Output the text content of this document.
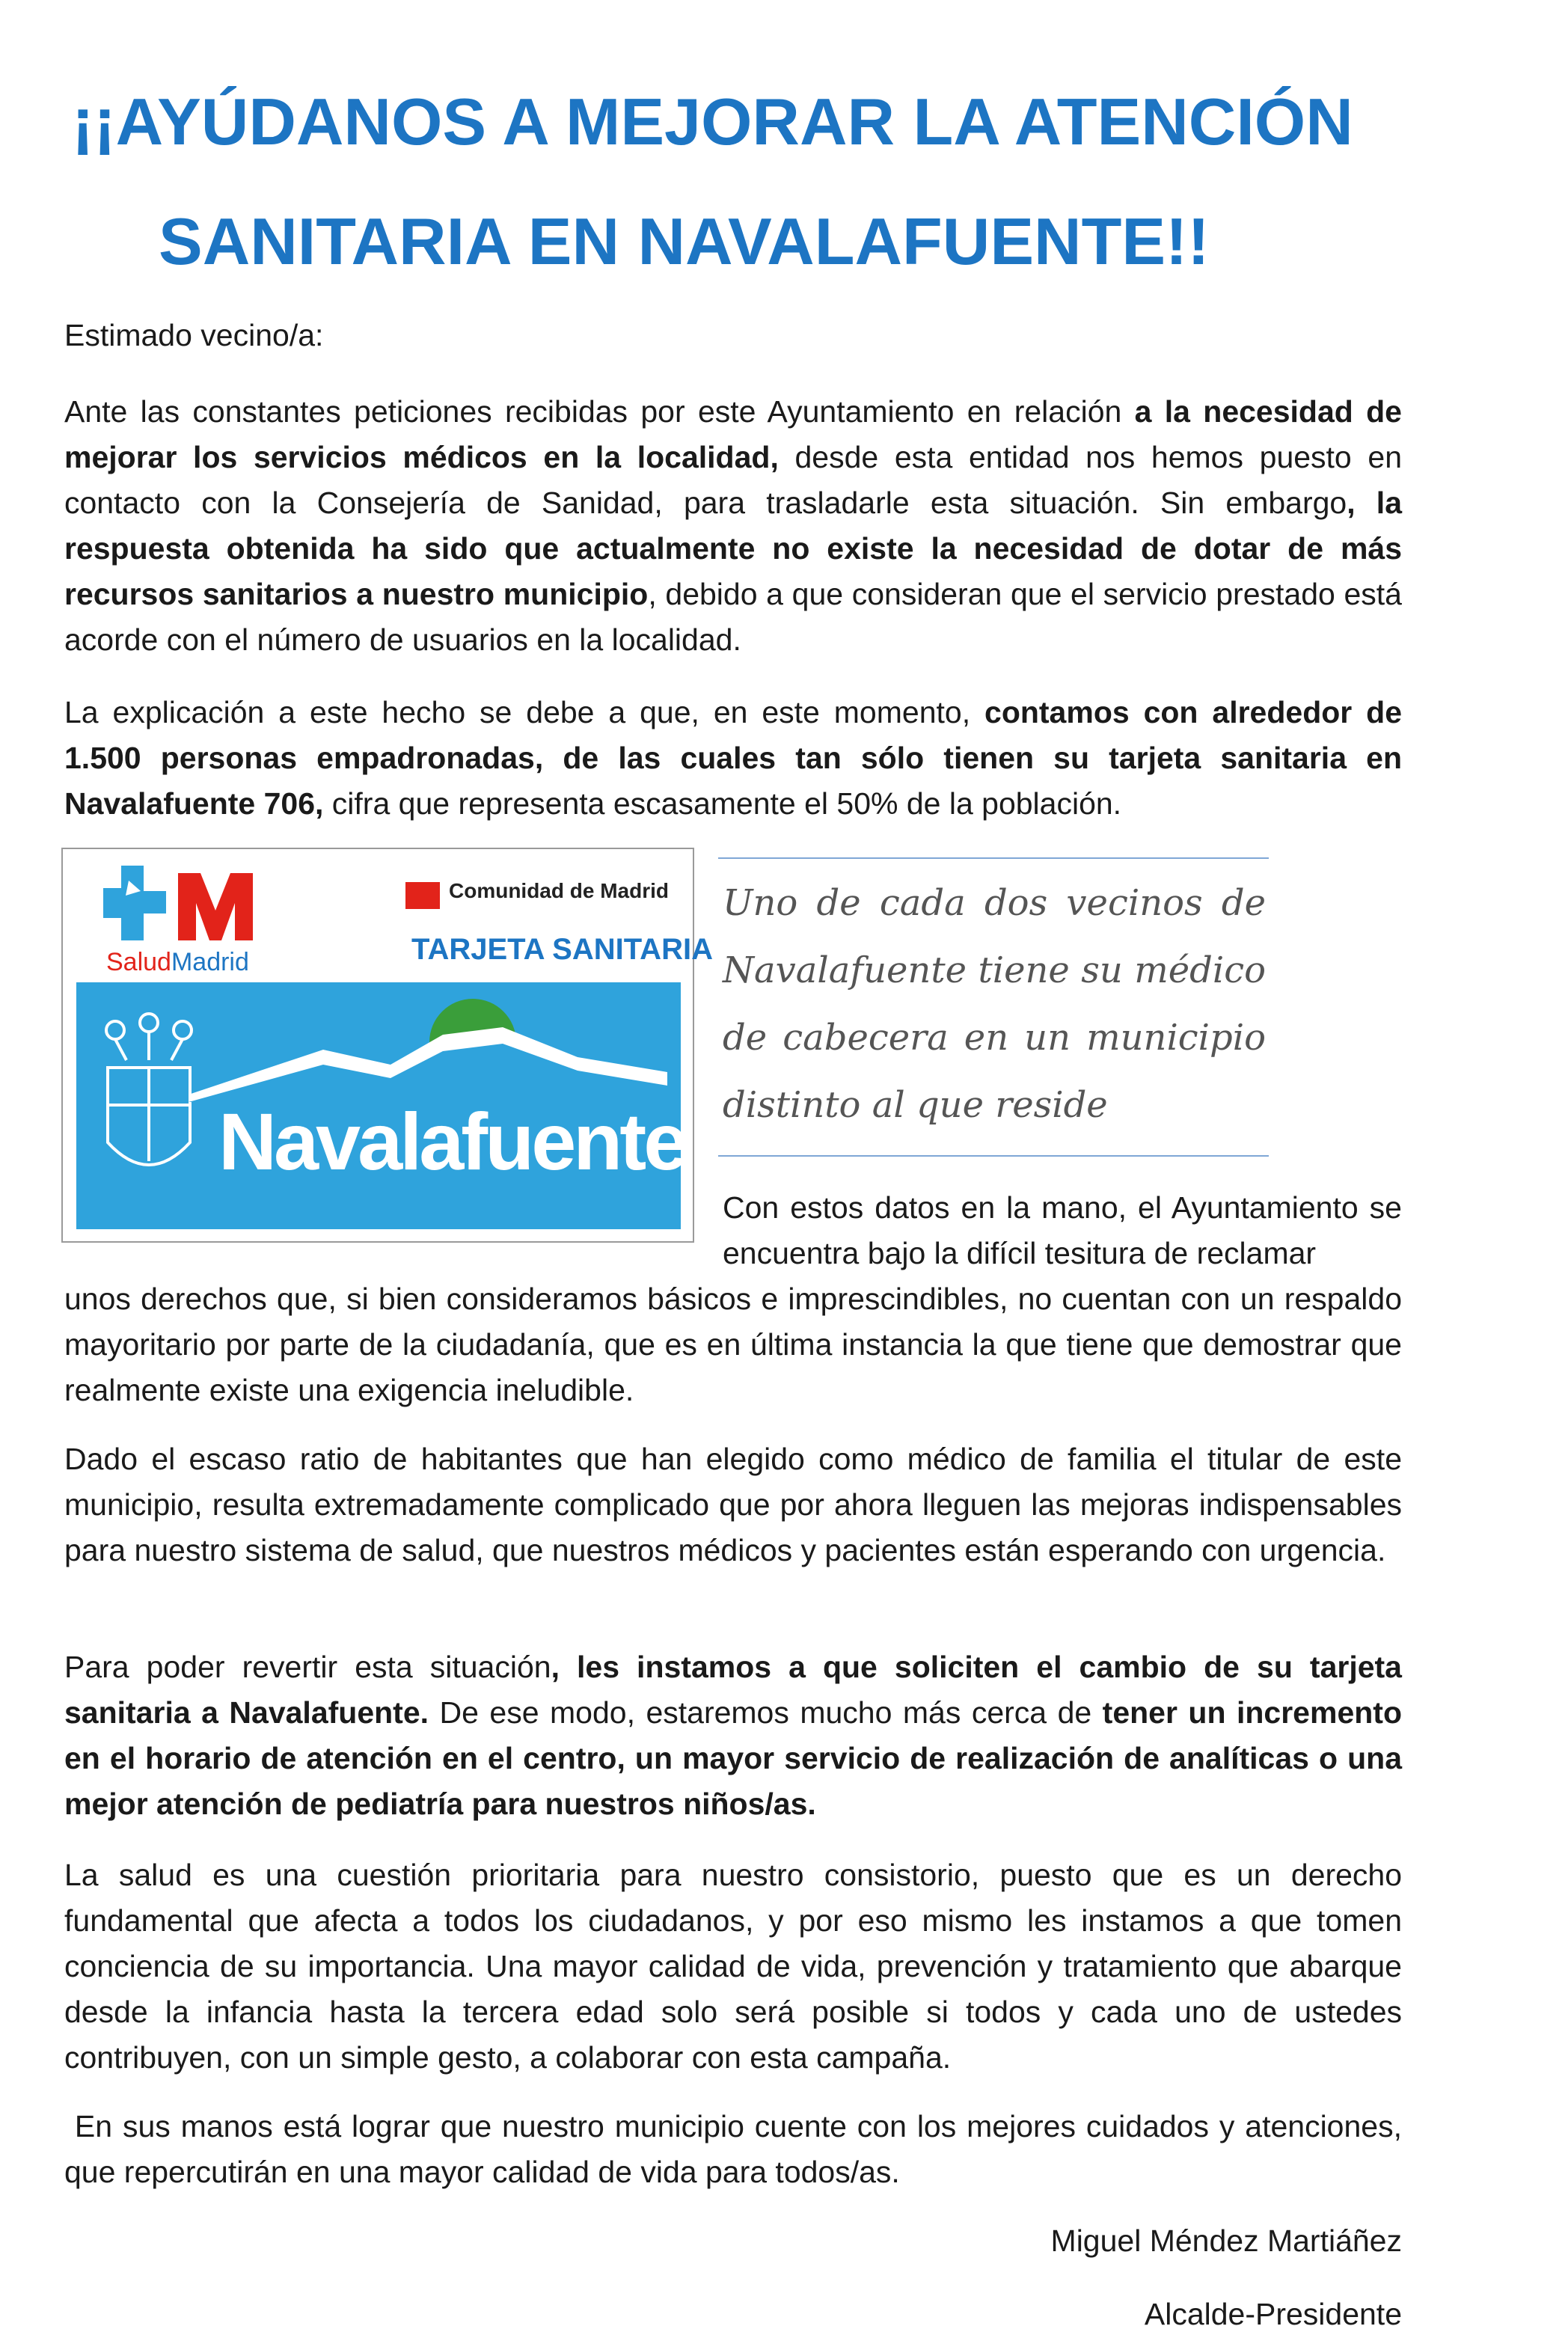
¡¡AYÚDANOS A MEJORAR LA ATENCIÓN
SANITARIA EN NAVALAFUENTE!!

Estimado vecino/a:

Ante las constantes peticiones recibidas por este Ayuntamiento en relación a la necesidad de mejorar los servicios médicos en la localidad, desde esta entidad nos hemos puesto en contacto con la Consejería de Sanidad, para trasladarle esta situación. Sin embargo, la respuesta obtenida ha sido que actualmente no existe la necesidad de dotar de más recursos sanitarios a nuestro municipio, debido a que consideran que el servicio prestado está acorde con el número de usuarios en la localidad.

La explicación a este hecho se debe a que, en este momento, contamos con alrededor de 1.500 personas empadronadas, de las cuales tan sólo tienen su tarjeta sanitaria en Navalafuente 706, cifra que representa escasamente el 50% de la población.

SaludMadrid
Comunidad de Madrid
TARJETA SANITARIA
Navalafuente

Uno de cada dos vecinos de Navalafuente tiene su médico de cabecera en un municipio distinto al que reside

Con estos datos en la mano, el Ayuntamiento se encuentra bajo la difícil tesitura de reclamar

unos derechos que, si bien consideramos básicos e imprescindibles, no cuentan con un respaldo mayoritario por parte de la ciudadanía, que es en última instancia la que tiene que demostrar que realmente existe una exigencia ineludible.

Dado el escaso ratio de habitantes que han elegido como médico de familia el titular de este municipio, resulta extremadamente complicado que por ahora lleguen las mejoras indispensables para nuestro sistema de salud, que nuestros médicos y pacientes están esperando con urgencia.

Para poder revertir esta situación, les instamos a que soliciten el cambio de su tarjeta sanitaria a Navalafuente. De ese modo, estaremos mucho más cerca de tener un incremento en el horario de atención en el centro, un mayor servicio de realización de analíticas o una mejor atención de pediatría para nuestros niños/as.

La salud es una cuestión prioritaria para nuestro consistorio, puesto que es un derecho fundamental que afecta a todos los ciudadanos, y por eso mismo les instamos a que tomen conciencia de su importancia. Una mayor calidad de vida, prevención y tratamiento que abarque desde la infancia hasta la tercera edad solo será posible si todos y cada uno de ustedes contribuyen, con un simple gesto, a colaborar con esta campaña.

En sus manos está lograr que nuestro municipio cuente con los mejores cuidados y atenciones, que repercutirán en una mayor calidad de vida para todos/as.

Miguel Méndez Martiáñez
Alcalde-Presidente
